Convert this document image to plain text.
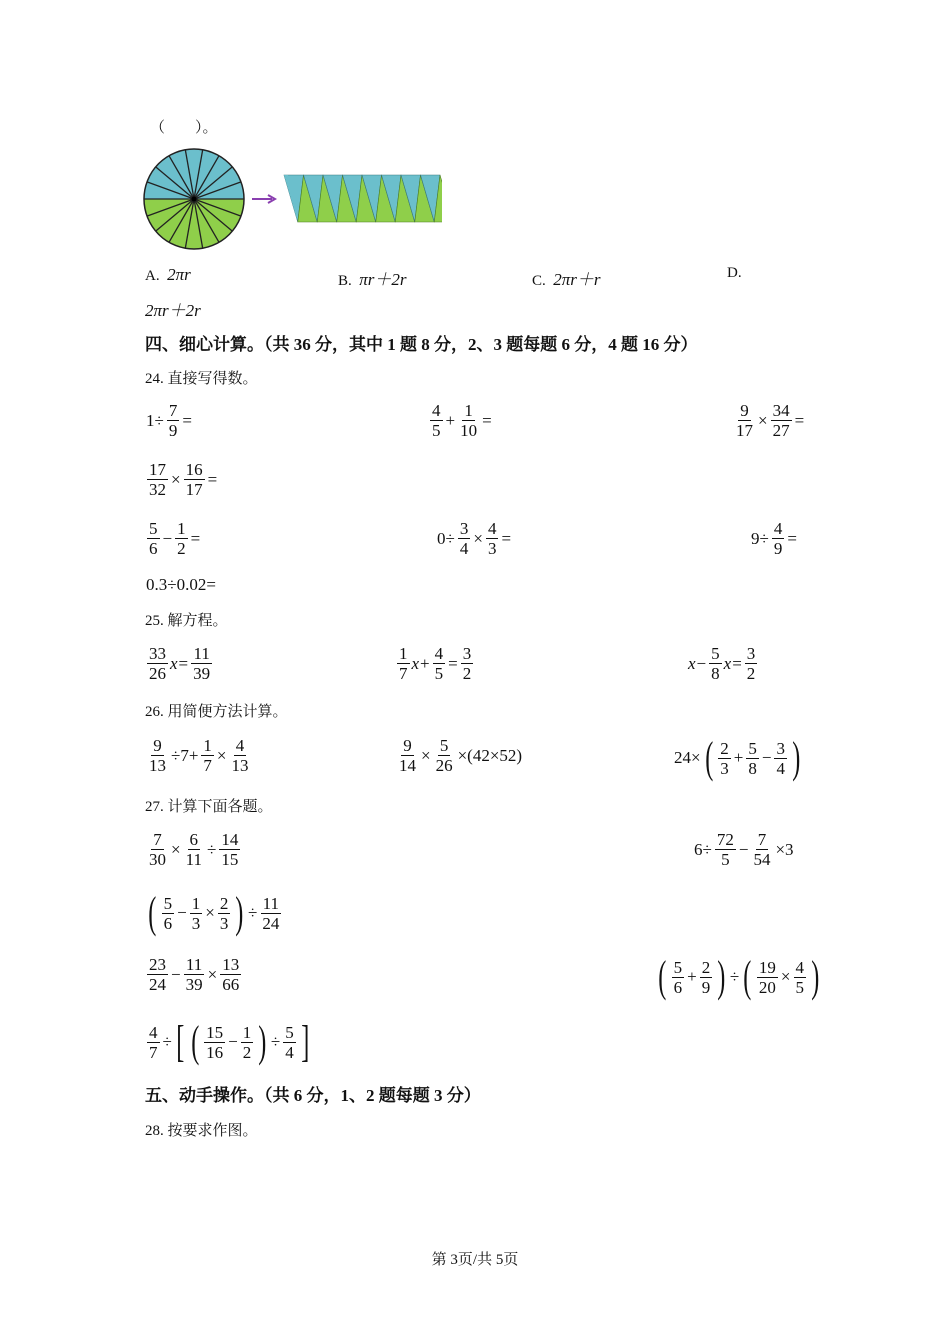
（　　）。
A. 2πr	B. πr＋2r	C. 2πr＋r	D.
2πr＋2r
四、细心计算。（共 36 分，其中 1 题 8 分，2、3 题每题 6 分，4 题 16 分）
24. 直接写得数。
$1\div \frac{7}{9}$ =	$\frac{4}{5} + \frac{1}{10}$ =	$\frac{9}{17} \times \frac{34}{27}$ =
$\frac{17}{32} \times \frac{16}{17}$ =
$\frac{5}{6} - \frac{1}{2}$ =	$0\div \frac{3}{4} \times \frac{4}{3}$ =	$9\div \frac{4}{9}$ =
0.3÷0.02=
25. 解方程。
$\frac{33}{26}$ $x = \frac{11}{39}$	$\frac{1}{7}$ $x + \frac{4}{5} = \frac{3}{2}$	$x - \frac{5}{8}$ $x = \frac{3}{2}$
26. 用简便方法计算。
$\frac{9}{13} \div 7+ \frac{1}{7} \times \frac{4}{13}$	$\frac{9}{14} \times \frac{5}{26} \times(42\times 52)$	24× ( $\frac{2}{3} + \frac{5}{8} - \frac{3}{4}$ )
27. 计算下面各题。
$\frac{7}{30} \times \frac{6}{11} \div \frac{14}{15}$	$6\div \frac{72}{5} - \frac{7}{54} \times 3$
( $\frac{5}{6} - \frac{1}{3} \times \frac{2}{3}$ ) ÷ $\frac{11}{24}$
$\frac{23}{24} - \frac{11}{39} \times \frac{13}{66}$	( $\frac{5}{6} + \frac{2}{9}$ ) ÷ ( $\frac{19}{20} \times \frac{4}{5}$ )
$\frac{4}{7}$ ÷ [ ( $\frac{15}{16} - \frac{1}{2}$ ) ÷ $\frac{5}{4}$ ]
五、动手操作。（共 6 分，1、2 题每题 3 分）
28. 按要求作图。
第 3页/共 5页
